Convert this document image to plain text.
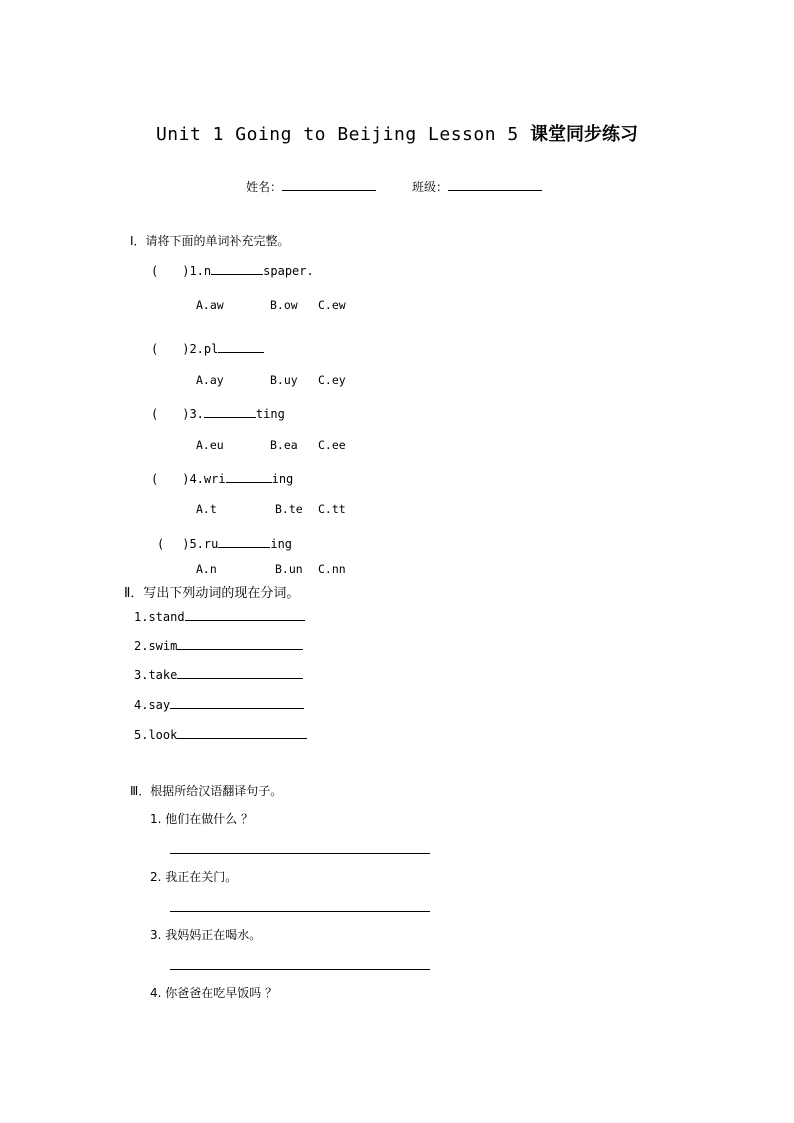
Unit 1 Going to Beijing Lesson 5 课堂同步练习
姓名：	班级：
Ⅰ．请将下面的单词补充完整。
( )1.n	spaper.
A.aw	B.ow C.ew
( )2.pl
A.ay	B.uy C.ey
( )3.	ting
A.eu	B.ea C.ee
( )4.wri	ing
A.t	B.te C.tt
( )5.ru	ing
A.n	B.un C.nn
Ⅱ．写出下列动词的现在分词。
1.stand
2.swim
3.take
4.say
5.look
Ⅲ．根据所给汉语翻译句子。
1. 他们在做什么 ？
2. 我正在关门。
3. 我妈妈正在喝水。
4. 你爸爸在吃早饭吗 ？
